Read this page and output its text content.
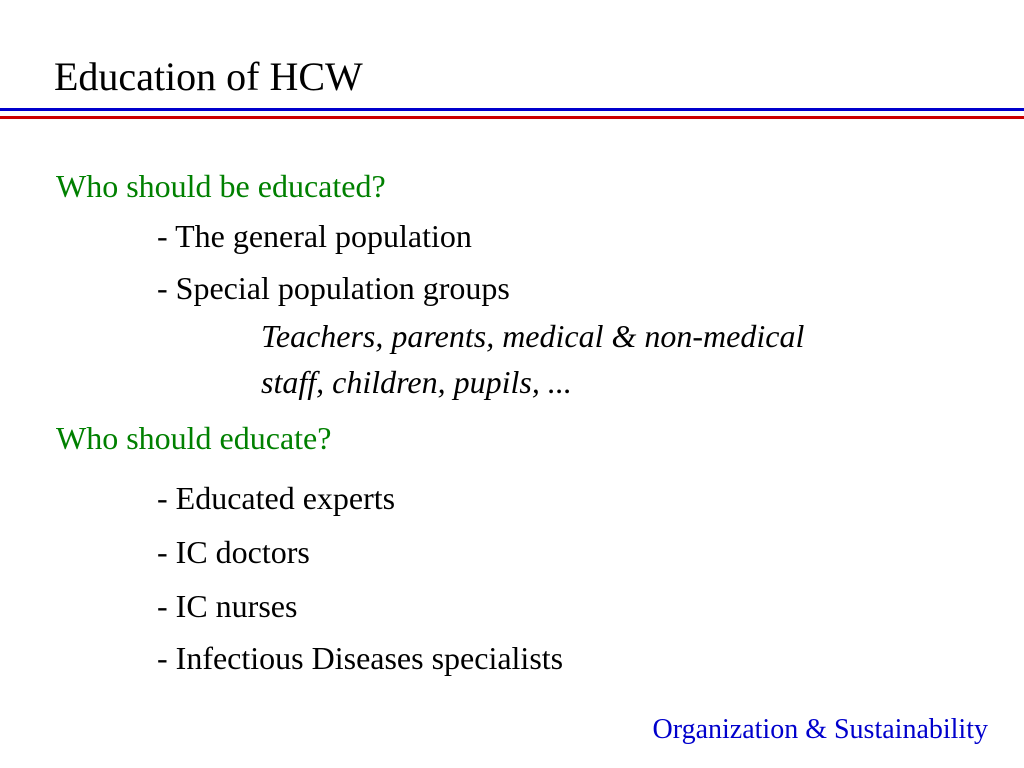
Education of HCW
Who should be educated?
- The general population
- Special population groups
Teachers, parents, medical & non-medical
staff, children, pupils, ...
Who should educate?
- Educated experts
- IC doctors
- IC nurses
- Infectious Diseases specialists
Organization & Sustainability
